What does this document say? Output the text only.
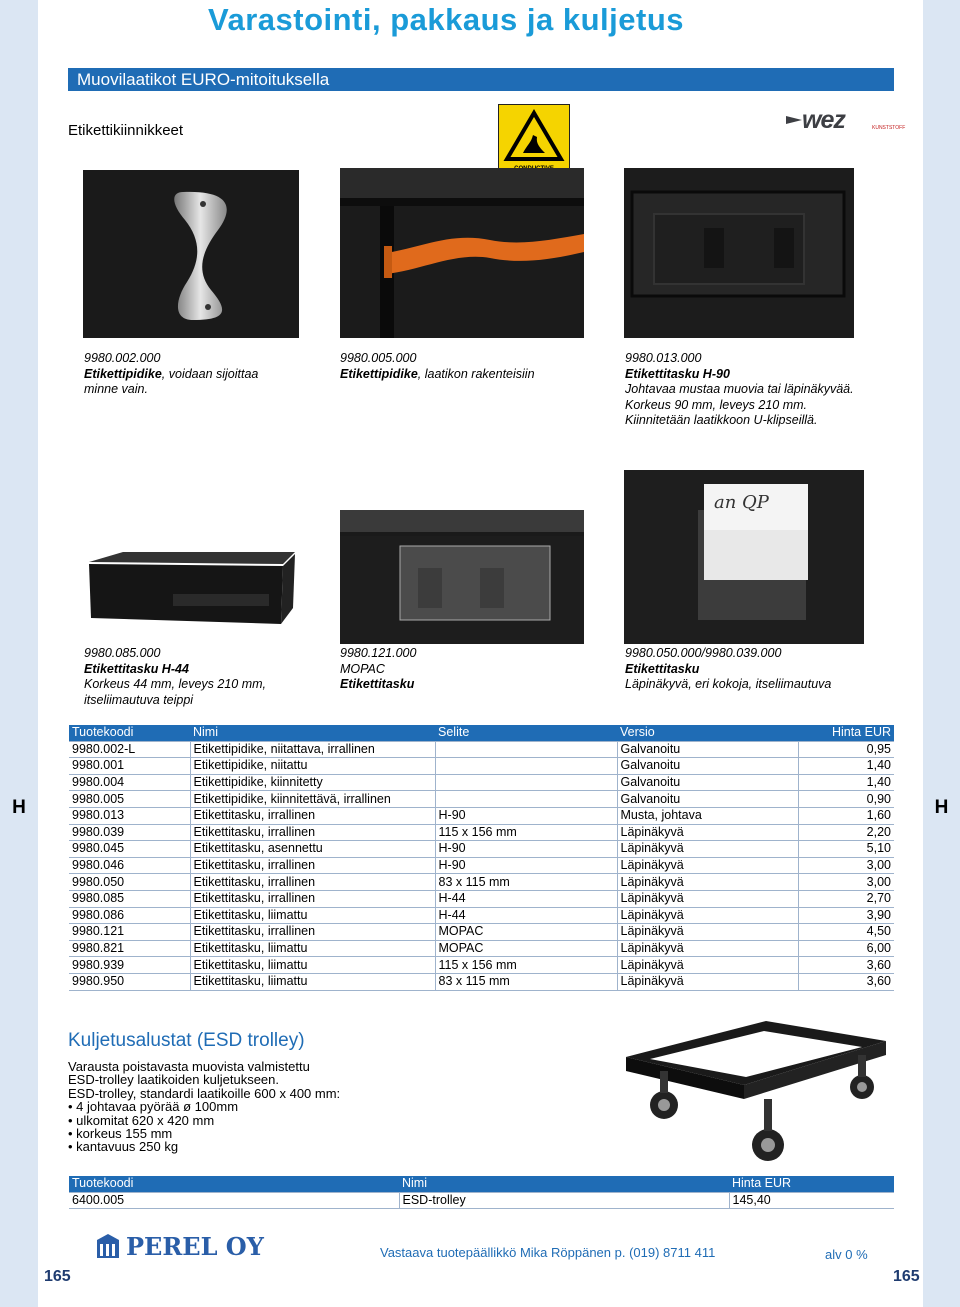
H	H
Varastointi, pakkaus ja kuljetus
Muovilaatikot EURO-mitoituksella
Etikettikiinnikkeet	wez	KUNSTSTOFF
9980.002.000
Etikettipidike, voidaan sijoittaa
minne vain.
9980.005.000
Etikettipidike, laatikon rakenteisiin
9980.013.000
Etikettitasku H-90
Johtavaa mustaa muovia tai läpinäkyvää.
Korkeus 90 mm, leveys 210 mm.
Kiinnitetään laatikkoon U-klipseillä.
9980.085.000
Etikettitasku H-44
Korkeus 44 mm, leveys 210 mm,
itseliimautuva teippi
9980.121.000
MOPAC
Etikettitasku
an QP
9980.050.000/9980.039.000
Etikettitasku
Läpinäkyvä, eri kokoja, itseliimautuva
Tuotekoodi	Nimi	Selite	Versio	Hinta EUR
9980.002-L	Etikettipidike, niitattava, irrallinen		Galvanoitu	0,95
9980.001	Etikettipidike, niitattu		Galvanoitu	1,40
9980.004	Etikettipidike, kiinnitetty		Galvanoitu	1,40
9980.005	Etikettipidike, kiinnitettävä, irrallinen		Galvanoitu	0,90
9980.013	Etikettitasku, irrallinen	H-90	Musta, johtava	1,60
9980.039	Etikettitasku, irrallinen	115 x 156 mm	Läpinäkyvä	2,20
9980.045	Etikettitasku, asennettu	H-90	Läpinäkyvä	5,10
9980.046	Etikettitasku, irrallinen	H-90	Läpinäkyvä	3,00
9980.050	Etikettitasku, irrallinen	83 x 115 mm	Läpinäkyvä	3,00
9980.085	Etikettitasku, irrallinen	H-44	Läpinäkyvä	2,70
9980.086	Etikettitasku, liimattu	H-44	Läpinäkyvä	3,90
9980.121	Etikettitasku, irrallinen	MOPAC	Läpinäkyvä	4,50
9980.821	Etikettitasku, liimattu	MOPAC	Läpinäkyvä	6,00
9980.939	Etikettitasku, liimattu	115 x 156 mm	Läpinäkyvä	3,60
9980.950	Etikettitasku, liimattu	83 x 115 mm	Läpinäkyvä	3,60
Kuljetusalustat (ESD trolley)
Varausta poistavasta muovista valmistettu
ESD-trolley laatikoiden kuljetukseen.
ESD-trolley, standardi laatikoille 600 x 400 mm:
• 4 johtavaa pyörää ø 100mm
• ulkomitat 620 x 420 mm
• korkeus 155 mm
• kantavuus 250 kg
Tuotekoodi	Nimi	Hinta EUR
6400.005	ESD-trolley	145,40
PEREL OY	Vastaava tuotepäällikkö Mika Röppänen p. (019) 8711 411	alv 0 %
165	165
